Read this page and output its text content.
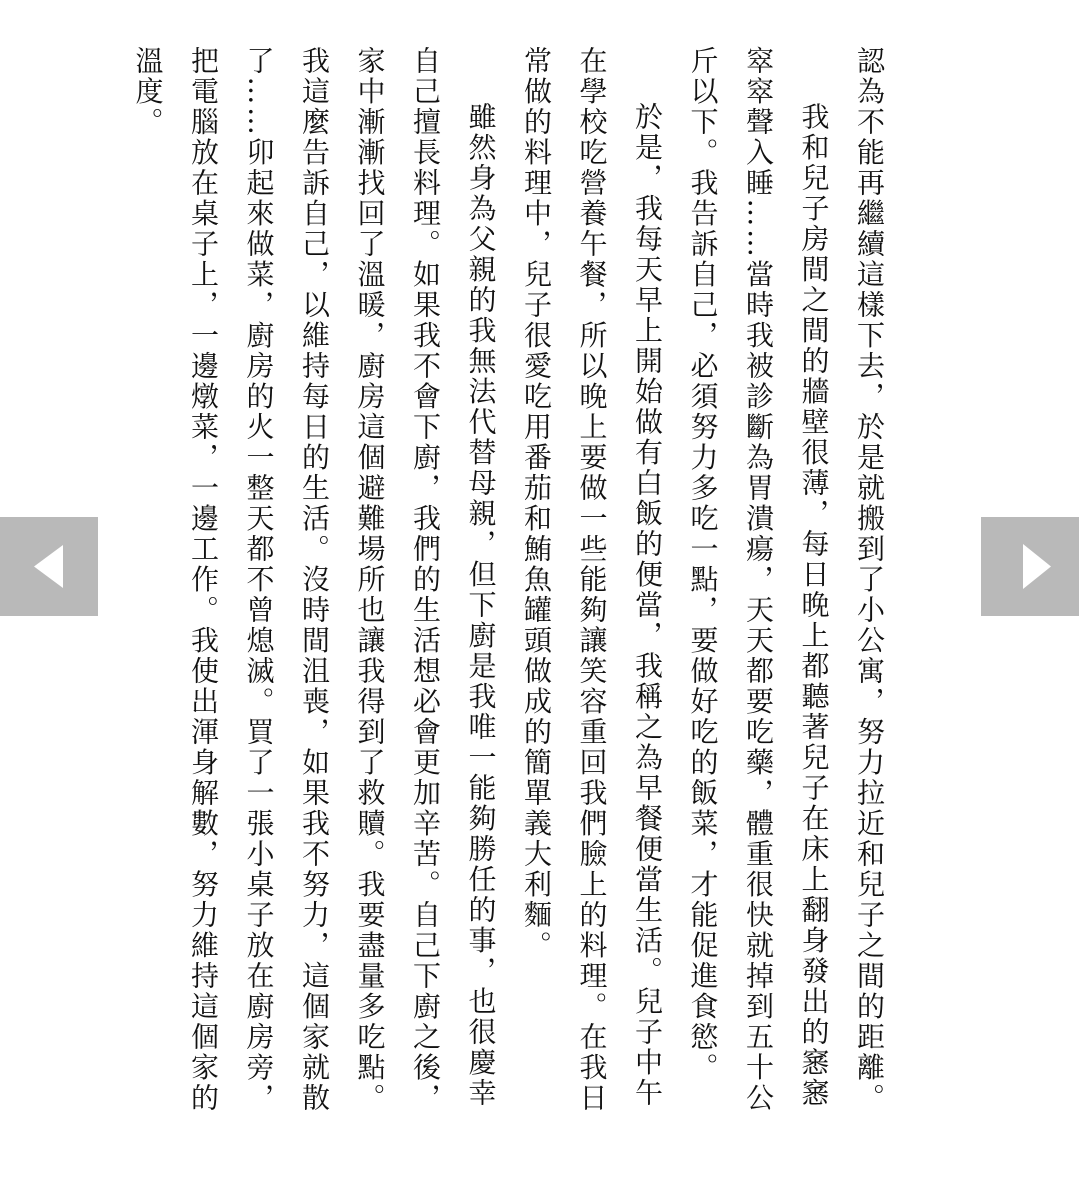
認為不能再繼續這樣下去，於是就搬到了小公寓，努力拉近和兒子之間的距離。

我和兒子房間之間的牆壁很薄，每日晚上都聽著兒子在床上翻身發出的窸窸窣窣聲入睡……當時我被診斷為胃潰瘍，天天都要吃藥，體重很快就掉到五十公斤以下。我告訴自己，必須努力多吃一點，要做好吃的飯菜，才能促進食慾。

於是，我每天早上開始做有白飯的便當，我稱之為早餐便當生活。兒子中午在學校吃營養午餐，所以晚上要做一些能夠讓笑容重回我們臉上的料理。在我日常做的料理中，兒子很愛吃用番茄和鮪魚罐頭做成的簡單義大利麵。

雖然身為父親的我無法代替母親，但下廚是我唯一能夠勝任的事，也很慶幸自己擅長料理。如果我不會下廚，我們的生活想必會更加辛苦。自己下廚之後，家中漸漸找回了溫暖，廚房這個避難場所也讓我得到了救贖。我要盡量多吃點。我這麼告訴自己，以維持每日的生活。沒時間沮喪，如果我不努力，這個家就散了……卯起來做菜，廚房的火一整天都不曾熄滅。買了一張小桌子放在廚房旁，把電腦放在桌子上，一邊燉菜，一邊工作。我使出渾身解數，努力維持這個家的溫度。
